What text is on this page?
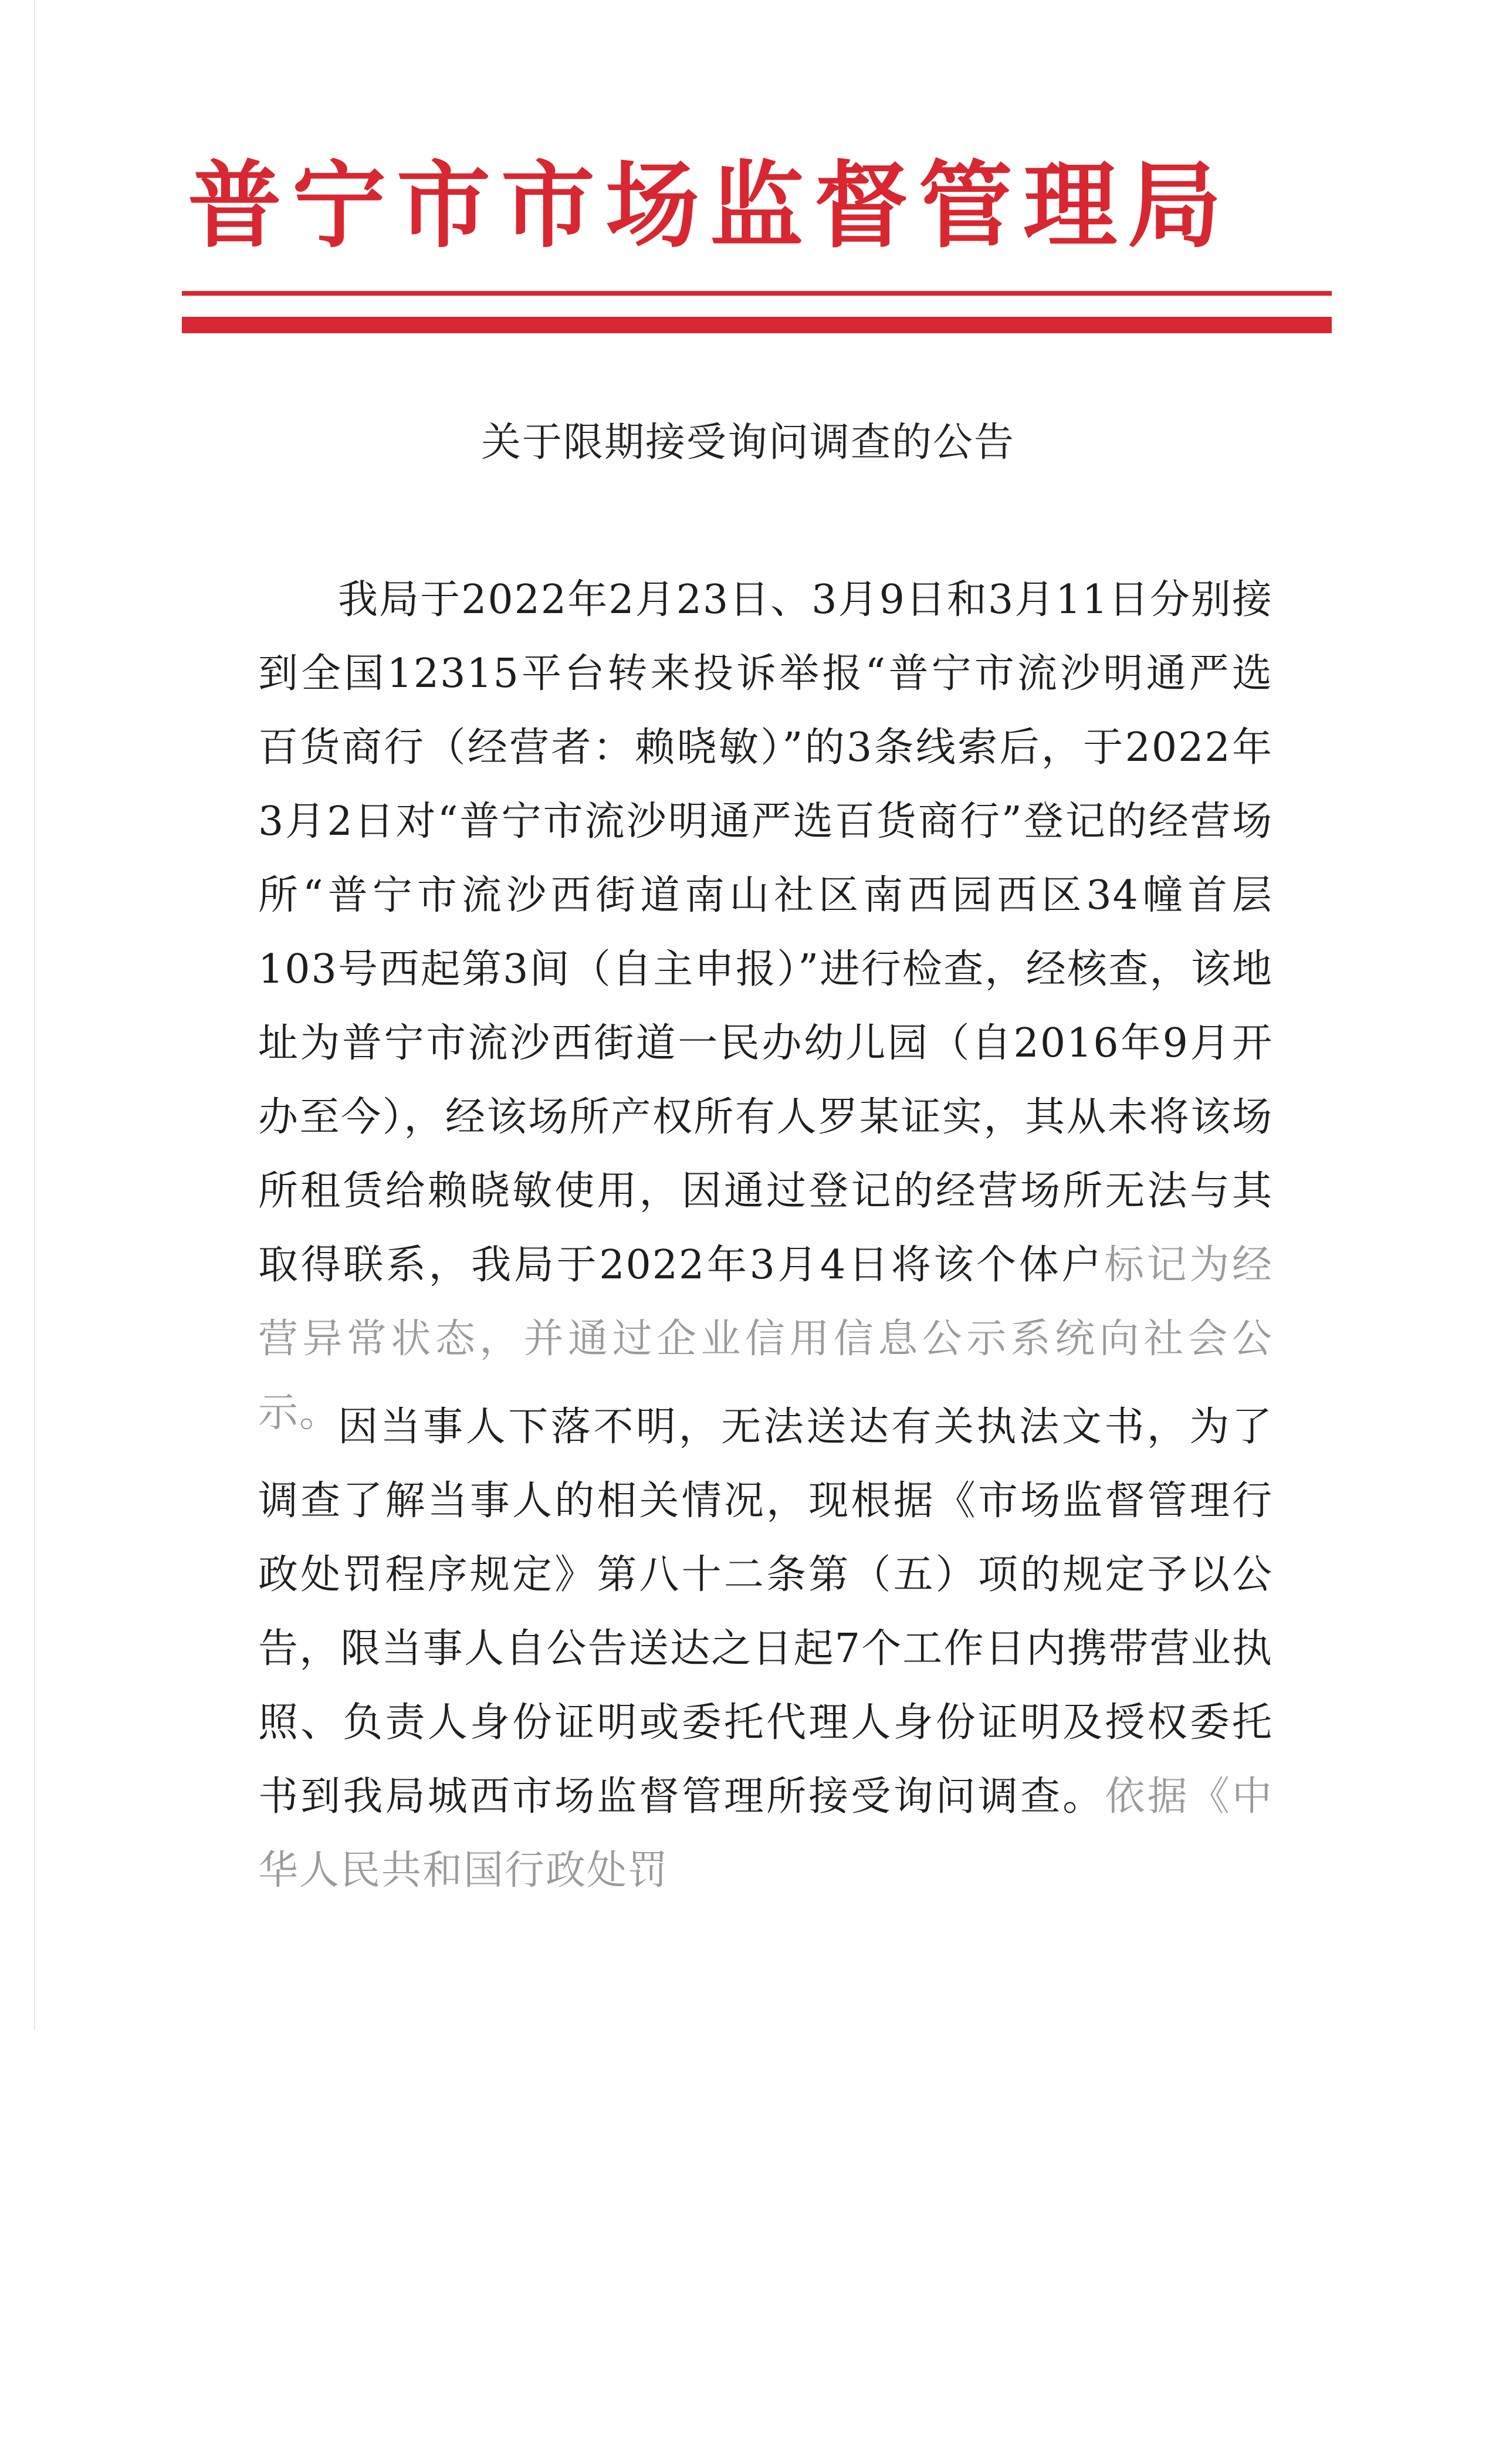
普宁市市场监督管理局
关于限期接受询问调查的公告

我局于2022年2月23日、3月9日和3月11日分别接到全国12315平台转来投诉举报“普宁市流沙明通严选百货商行（经营者：赖晓敏）”的3条线索后，于2022年3月2日对“普宁市流沙明通严选百货商行”登记的经营场所“普宁市流沙西街道南山社区南西园西区34幢首层103号西起第3间（自主申报）”进行检查，经核查，该地址为普宁市流沙西街道一民办幼儿园（自2016年9月开办至今），经该场所产权所有人罗某证实，其从未将该场所租赁给赖晓敏使用，因通过登记的经营场所无法与其取得联系，我局于2022年3月4日将该个体户标记为经营异常状态，并通过企业信用信息公示系统向社会公示。

因当事人下落不明，无法送达有关执法文书，为了调查了解当事人的相关情况，现根据《市场监督管理行政处罚程序规定》第八十二条第（五）项的规定予以公告，限当事人自公告送达之日起7个工作日内携带营业执照、负责人身份证明或委托代理人身份证明及授权委托书到我局城西市场监督管理所接受询问调查。依据《中华人民共和国行政处罚
